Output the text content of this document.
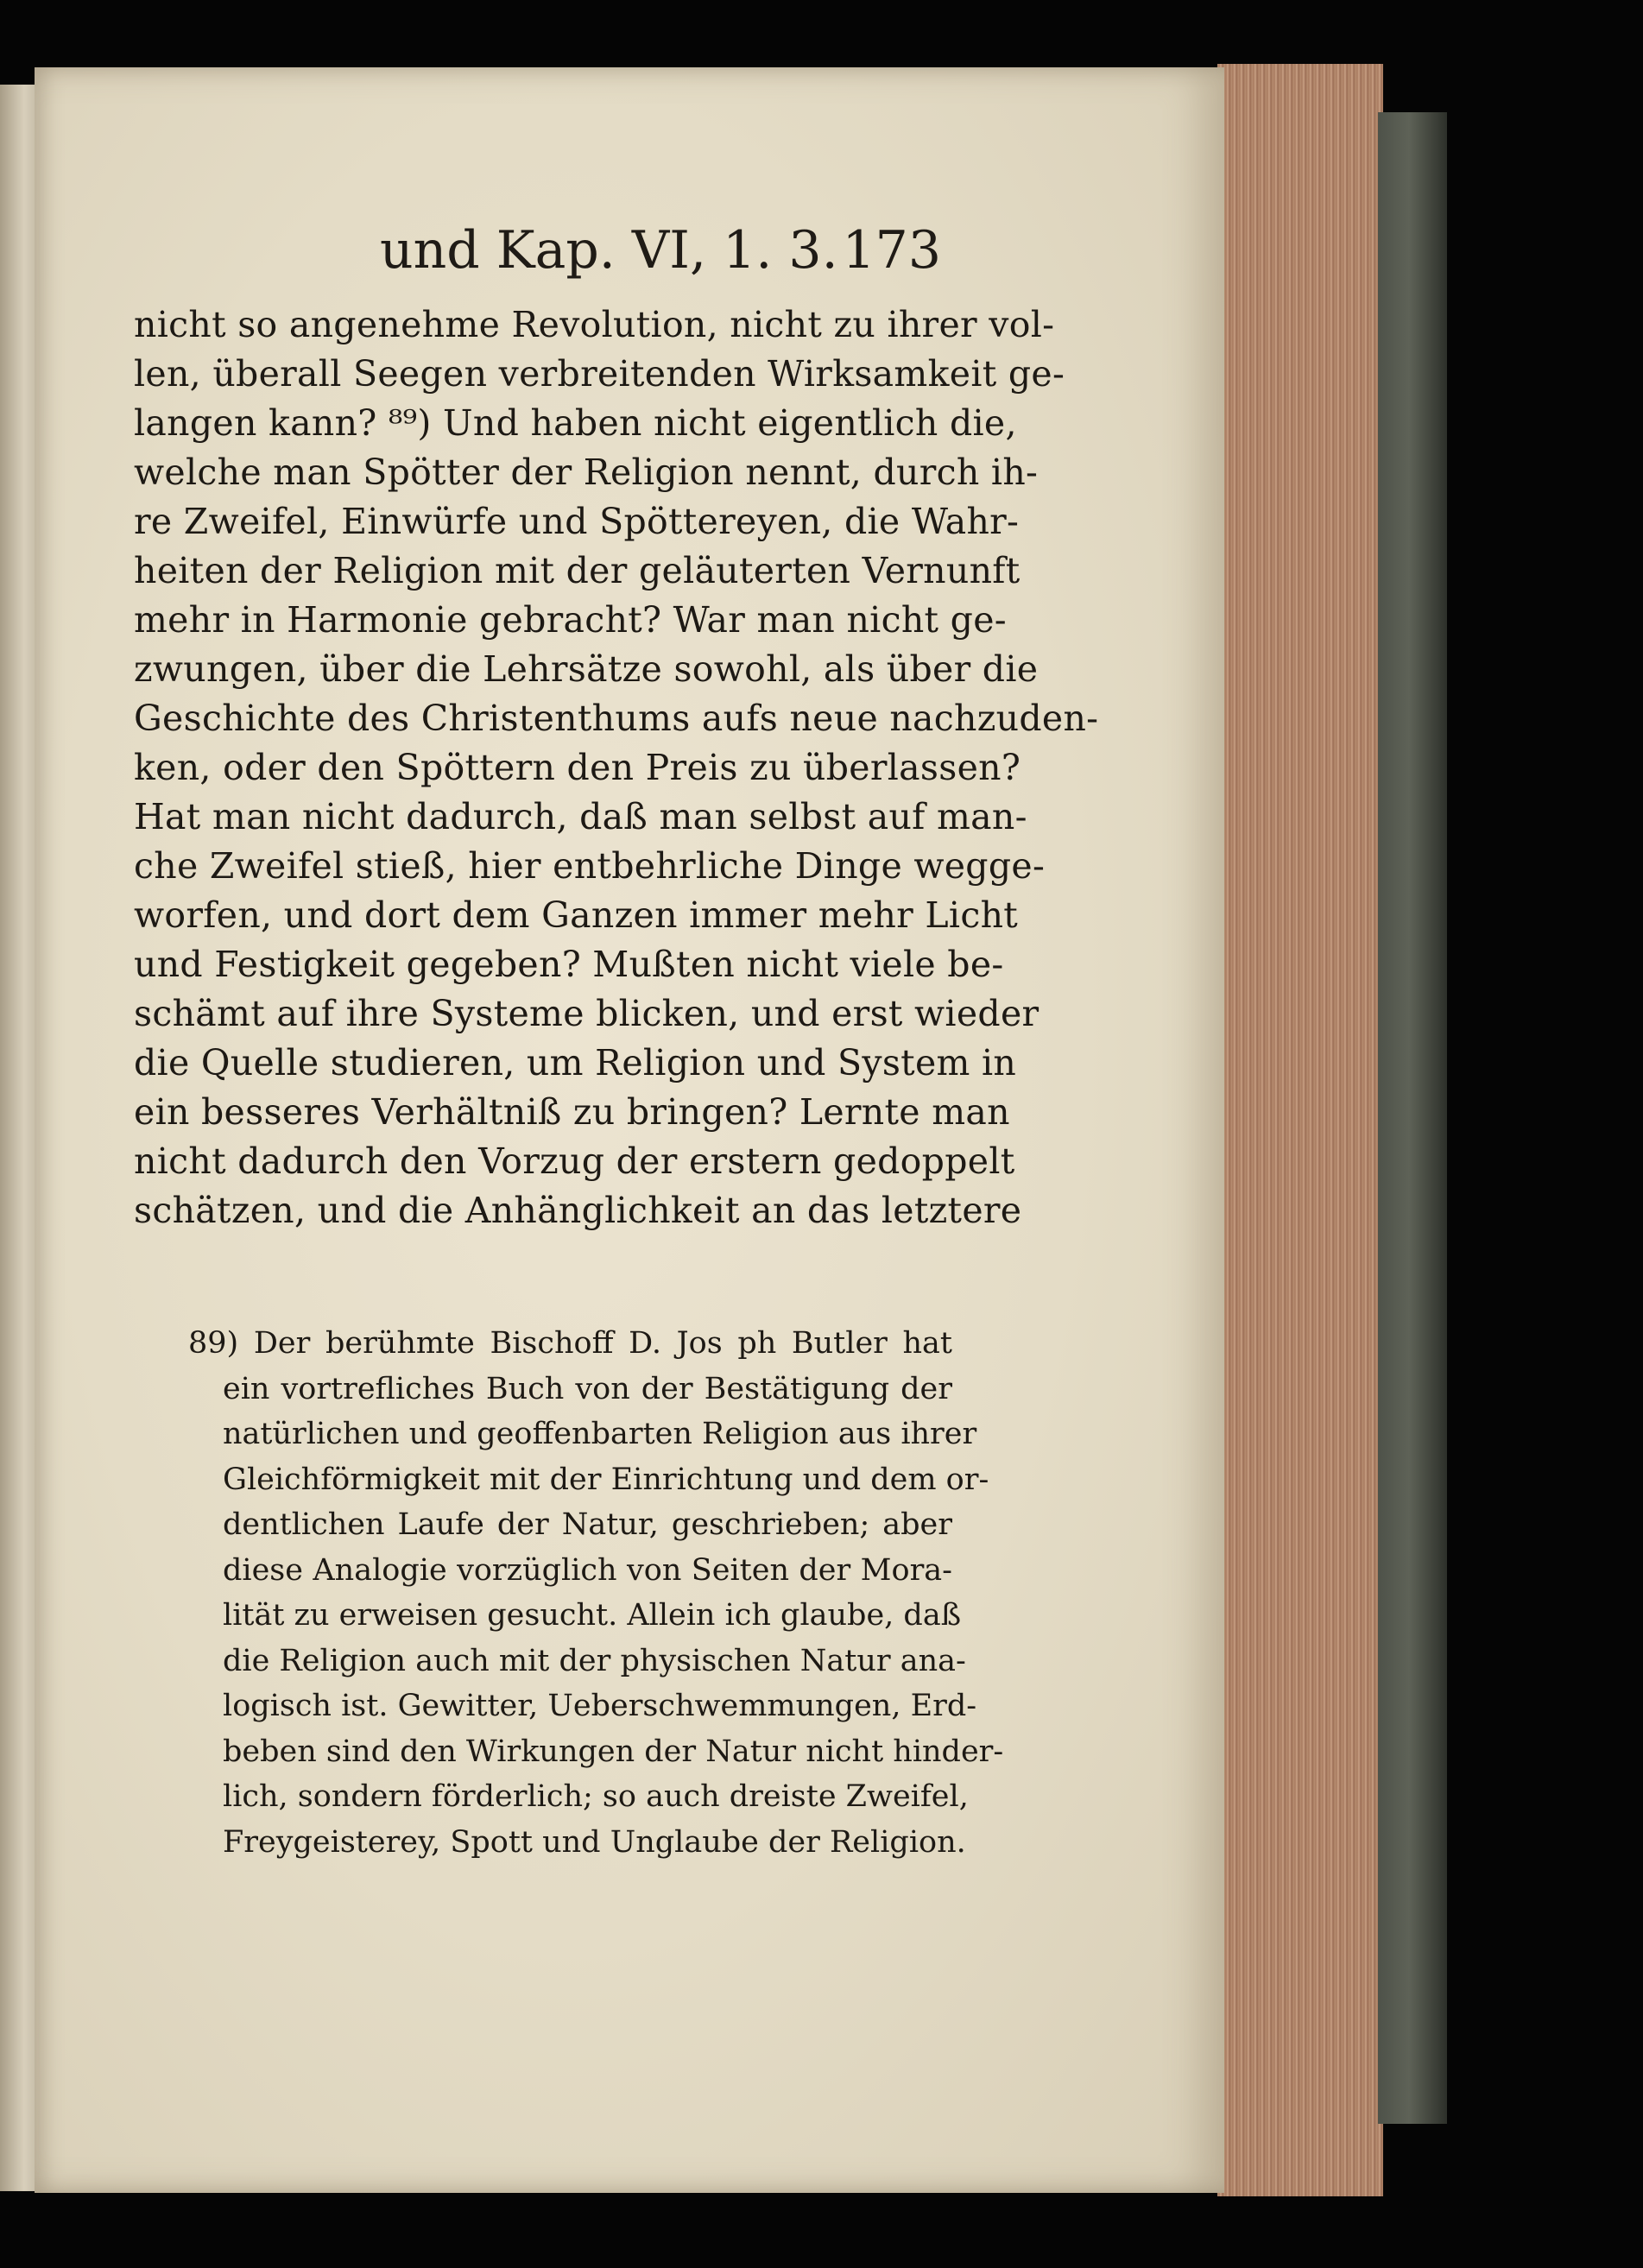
und Kap. VI, 1. 3. 173
nicht so angenehme Revolution, nicht zu ihrer vol-
len, überall Seegen verbreitenden Wirksamkeit ge-
langen kann? ⁸⁹) Und haben nicht eigentlich die,
welche man Spötter der Religion nennt, durch ih-
re Zweifel, Einwürfe und Spöttereyen, die Wahr-
heiten der Religion mit der geläuterten Vernunft
mehr in Harmonie gebracht? War man nicht ge-
zwungen, über die Lehrsätze sowohl, als über die
Geschichte des Christenthums aufs neue nachzuden-
ken, oder den Spöttern den Preis zu überlassen?
Hat man nicht dadurch, daß man selbst auf man-
che Zweifel stieß, hier entbehrliche Dinge wegge-
worfen, und dort dem Ganzen immer mehr Licht
und Festigkeit gegeben? Mußten nicht viele be-
schämt auf ihre Systeme blicken, und erst wieder
die Quelle studieren, um Religion und System in
ein besseres Verhältniß zu bringen? Lernte man
nicht dadurch den Vorzug der erstern gedoppelt
schätzen, und die Anhänglichkeit an das letztere
89) Der berühmte Bischoff D. Jos ph Butler hat
ein vortrefliches Buch von der Bestätigung der
natürlichen und geoffenbarten Religion aus ihrer
Gleichförmigkeit mit der Einrichtung und dem or-
dentlichen Laufe der Natur, geschrieben; aber
diese Analogie vorzüglich von Seiten der Mora-
lität zu erweisen gesucht. Allein ich glaube, daß
die Religion auch mit der physischen Natur ana-
logisch ist. Gewitter, Ueberschwemmungen, Erd-
beben sind den Wirkungen der Natur nicht hinder-
lich, sondern förderlich; so auch dreiste Zweifel,
Freygeisterey, Spott und Unglaube der Religion.
